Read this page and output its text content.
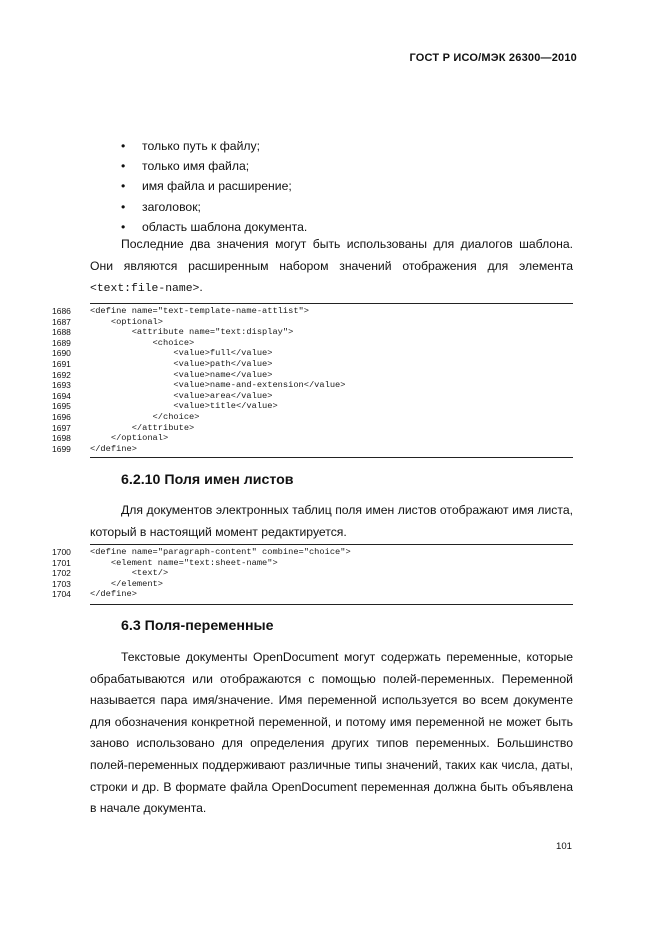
ГОСТ Р ИСО/МЭК 26300—2010
• только путь к файлу;
• только имя файла;
• имя файла и расширение;
• заголовок;
• область шаблона документа.

Последние два значения могут быть использованы для диалогов шаблона. Они являются расширенным набором значений отображения для элемента <text:file-name>.

1686	<define name="text-template-name-attlist">
1687	<optional>
1688	<attribute name="text:display">
1689	<choice>
1690	<value>full</value>
1691	<value>path</value>
1692	<value>name</value>
1693	<value>name-and-extension</value>
1694	<value>area</value>
1695	<value>title</value>
1696	</choice>
1697	</attribute>
1698	</optional>
1699	</define>
6.2.10 Поля имен листов

Для документов электронных таблиц поля имен листов отображают имя листа, который в настоящий момент редактируется.

1700	<define name="paragraph-content" combine="choice">
1701	<element name="text:sheet-name">
1702	<text/>
1703	</element>
1704	</define>
6.3 Поля-переменные

Текстовые документы OpenDocument могут содержать переменные, которые обрабатываются или отображаются с помощью полей-переменных. Переменной называется пара имя/значение. Имя переменной используется во всем документе для обозначения конкретной переменной, и потому имя переменной не может быть заново использовано для определения других типов переменных. Большинство полей-переменных поддерживают различные типы значений, таких как числа, даты, строки и др. В формате файла OpenDocument переменная должна быть объявлена в начале документа.

101
